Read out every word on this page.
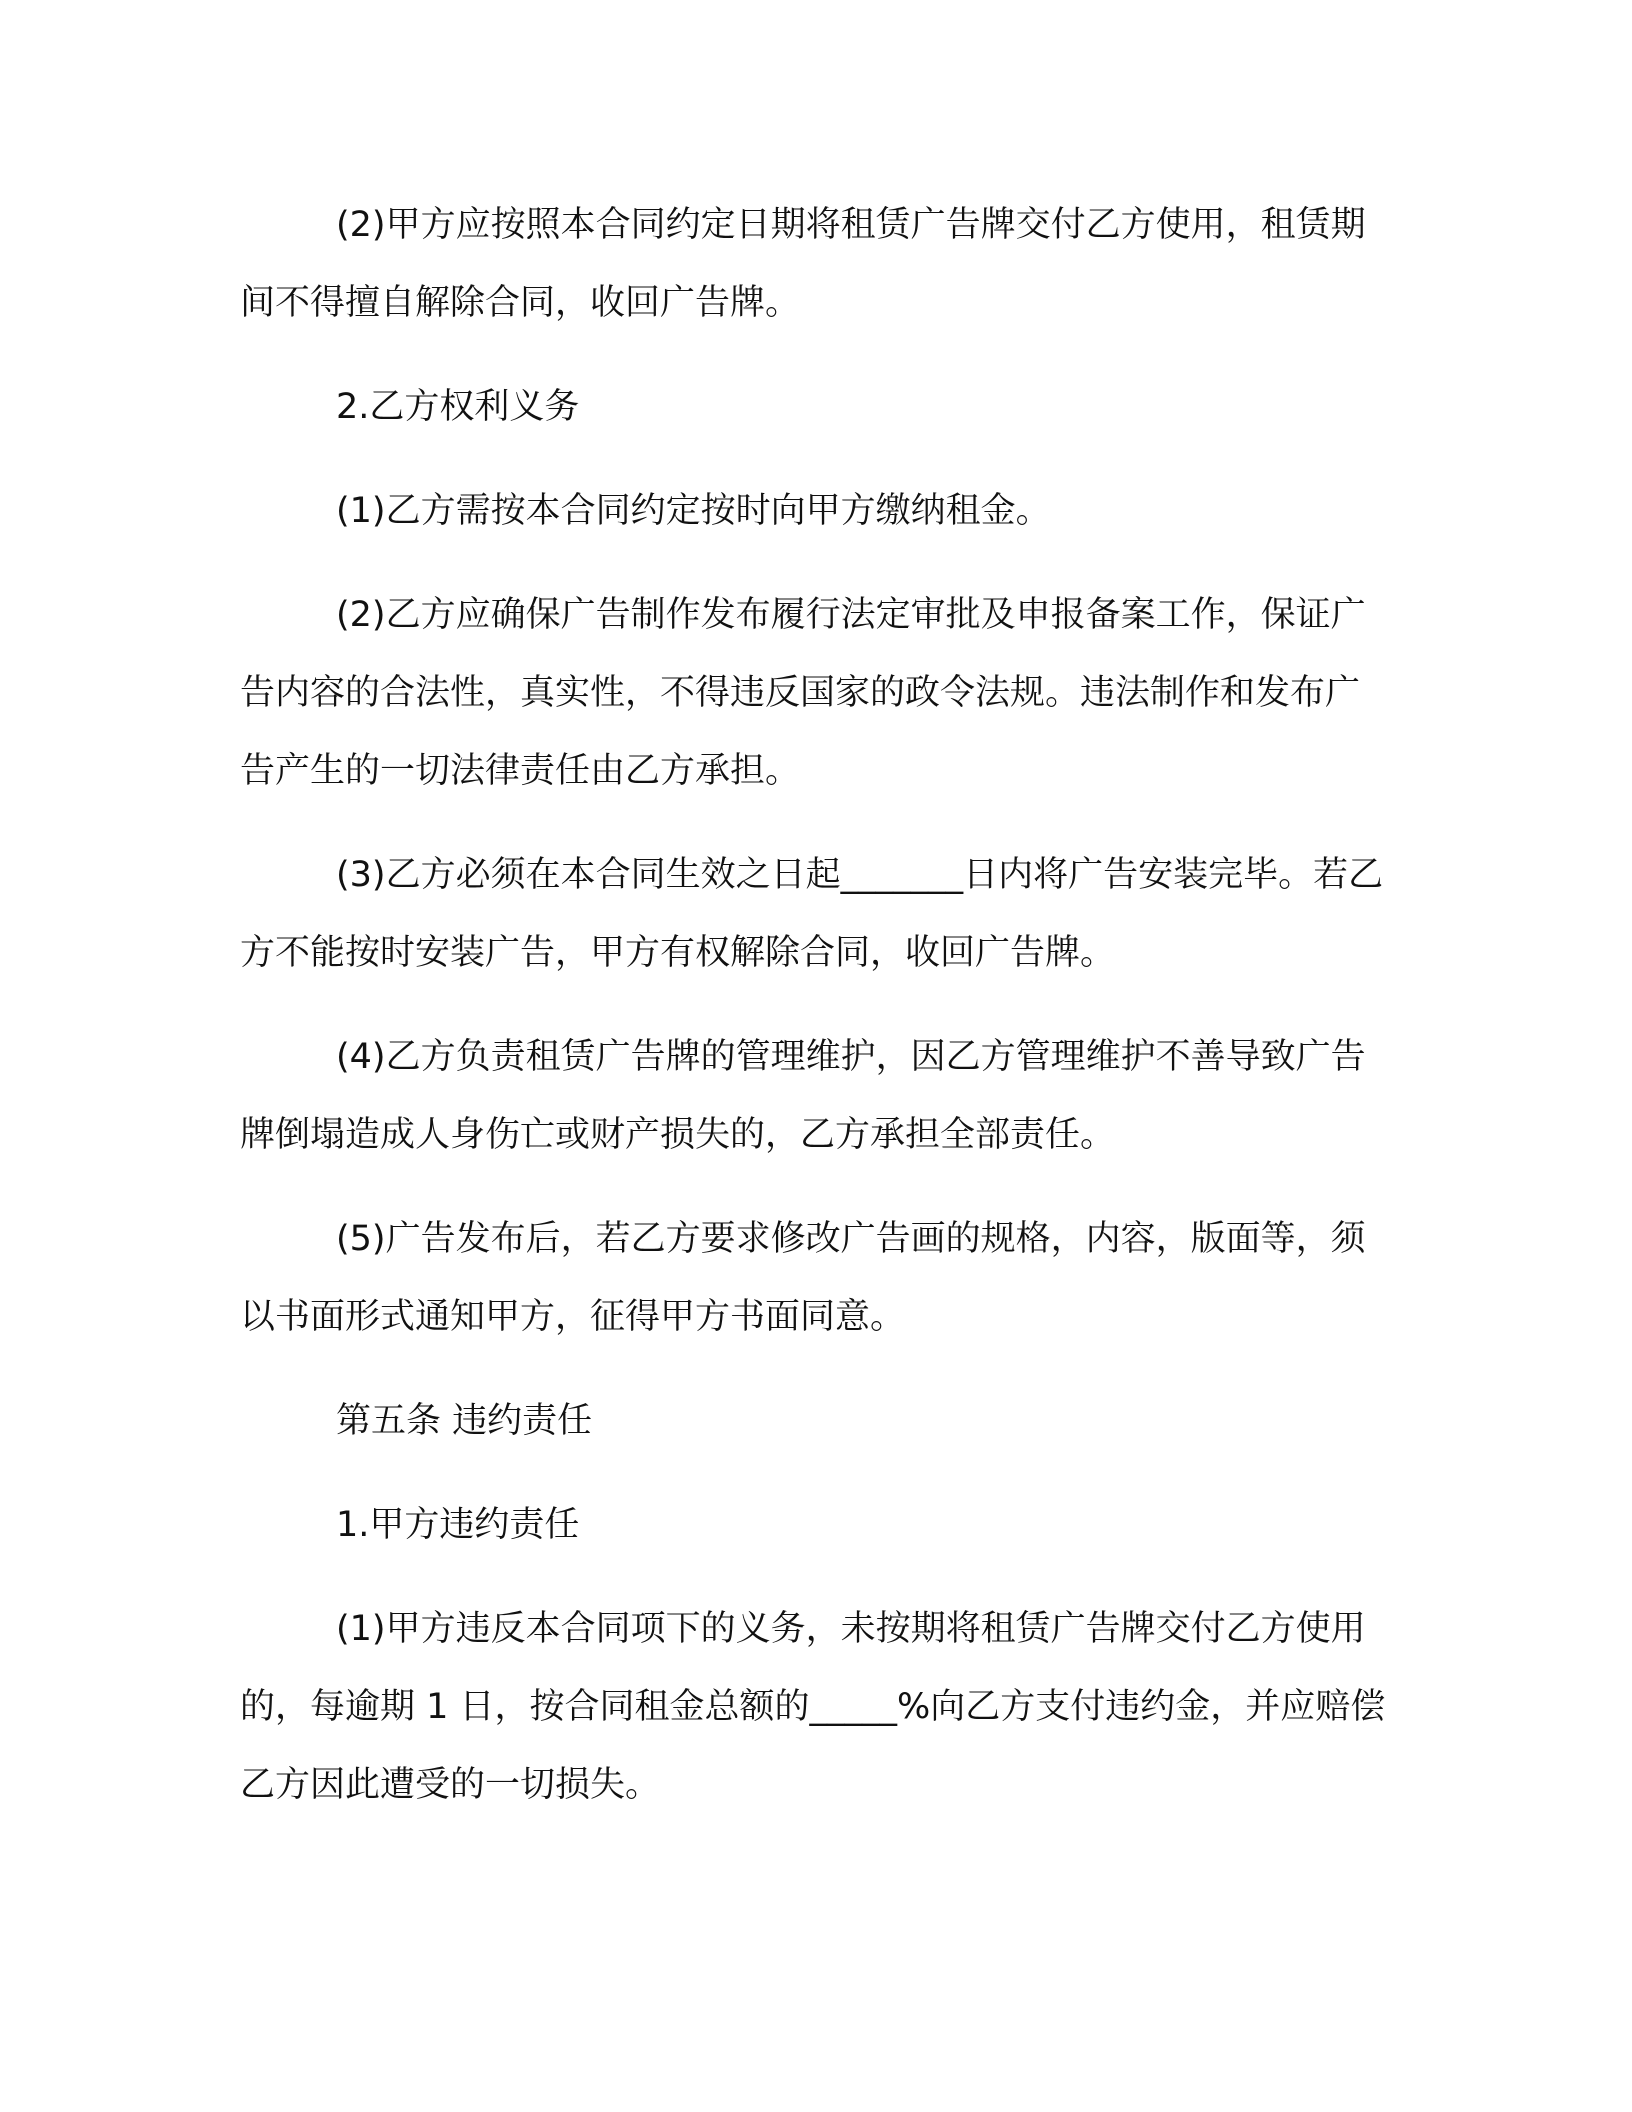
(2)甲方应按照本合同约定日期将租赁广告牌交付乙方使用，租赁期间不得擅自解除合同，收回广告牌。

2.乙方权利义务

(1)乙方需按本合同约定按时向甲方缴纳租金。

(2)乙方应确保广告制作发布履行法定审批及申报备案工作，保证广告内容的合法性，真实性，不得违反国家的政令法规。违法制作和发布广告产生的一切法律责任由乙方承担。

(3)乙方必须在本合同生效之日起_______日内将广告安装完毕。若乙方不能按时安装广告，甲方有权解除合同，收回广告牌。

(4)乙方负责租赁广告牌的管理维护，因乙方管理维护不善导致广告牌倒塌造成人身伤亡或财产损失的，乙方承担全部责任。

(5)广告发布后，若乙方要求修改广告画的规格，内容，版面等，须以书面形式通知甲方，征得甲方书面同意。

第五条 违约责任

1.甲方违约责任

(1)甲方违反本合同项下的义务，未按期将租赁广告牌交付乙方使用的，每逾期 1 日，按合同租金总额的_____%向乙方支付违约金，并应赔偿乙方因此遭受的一切损失。
